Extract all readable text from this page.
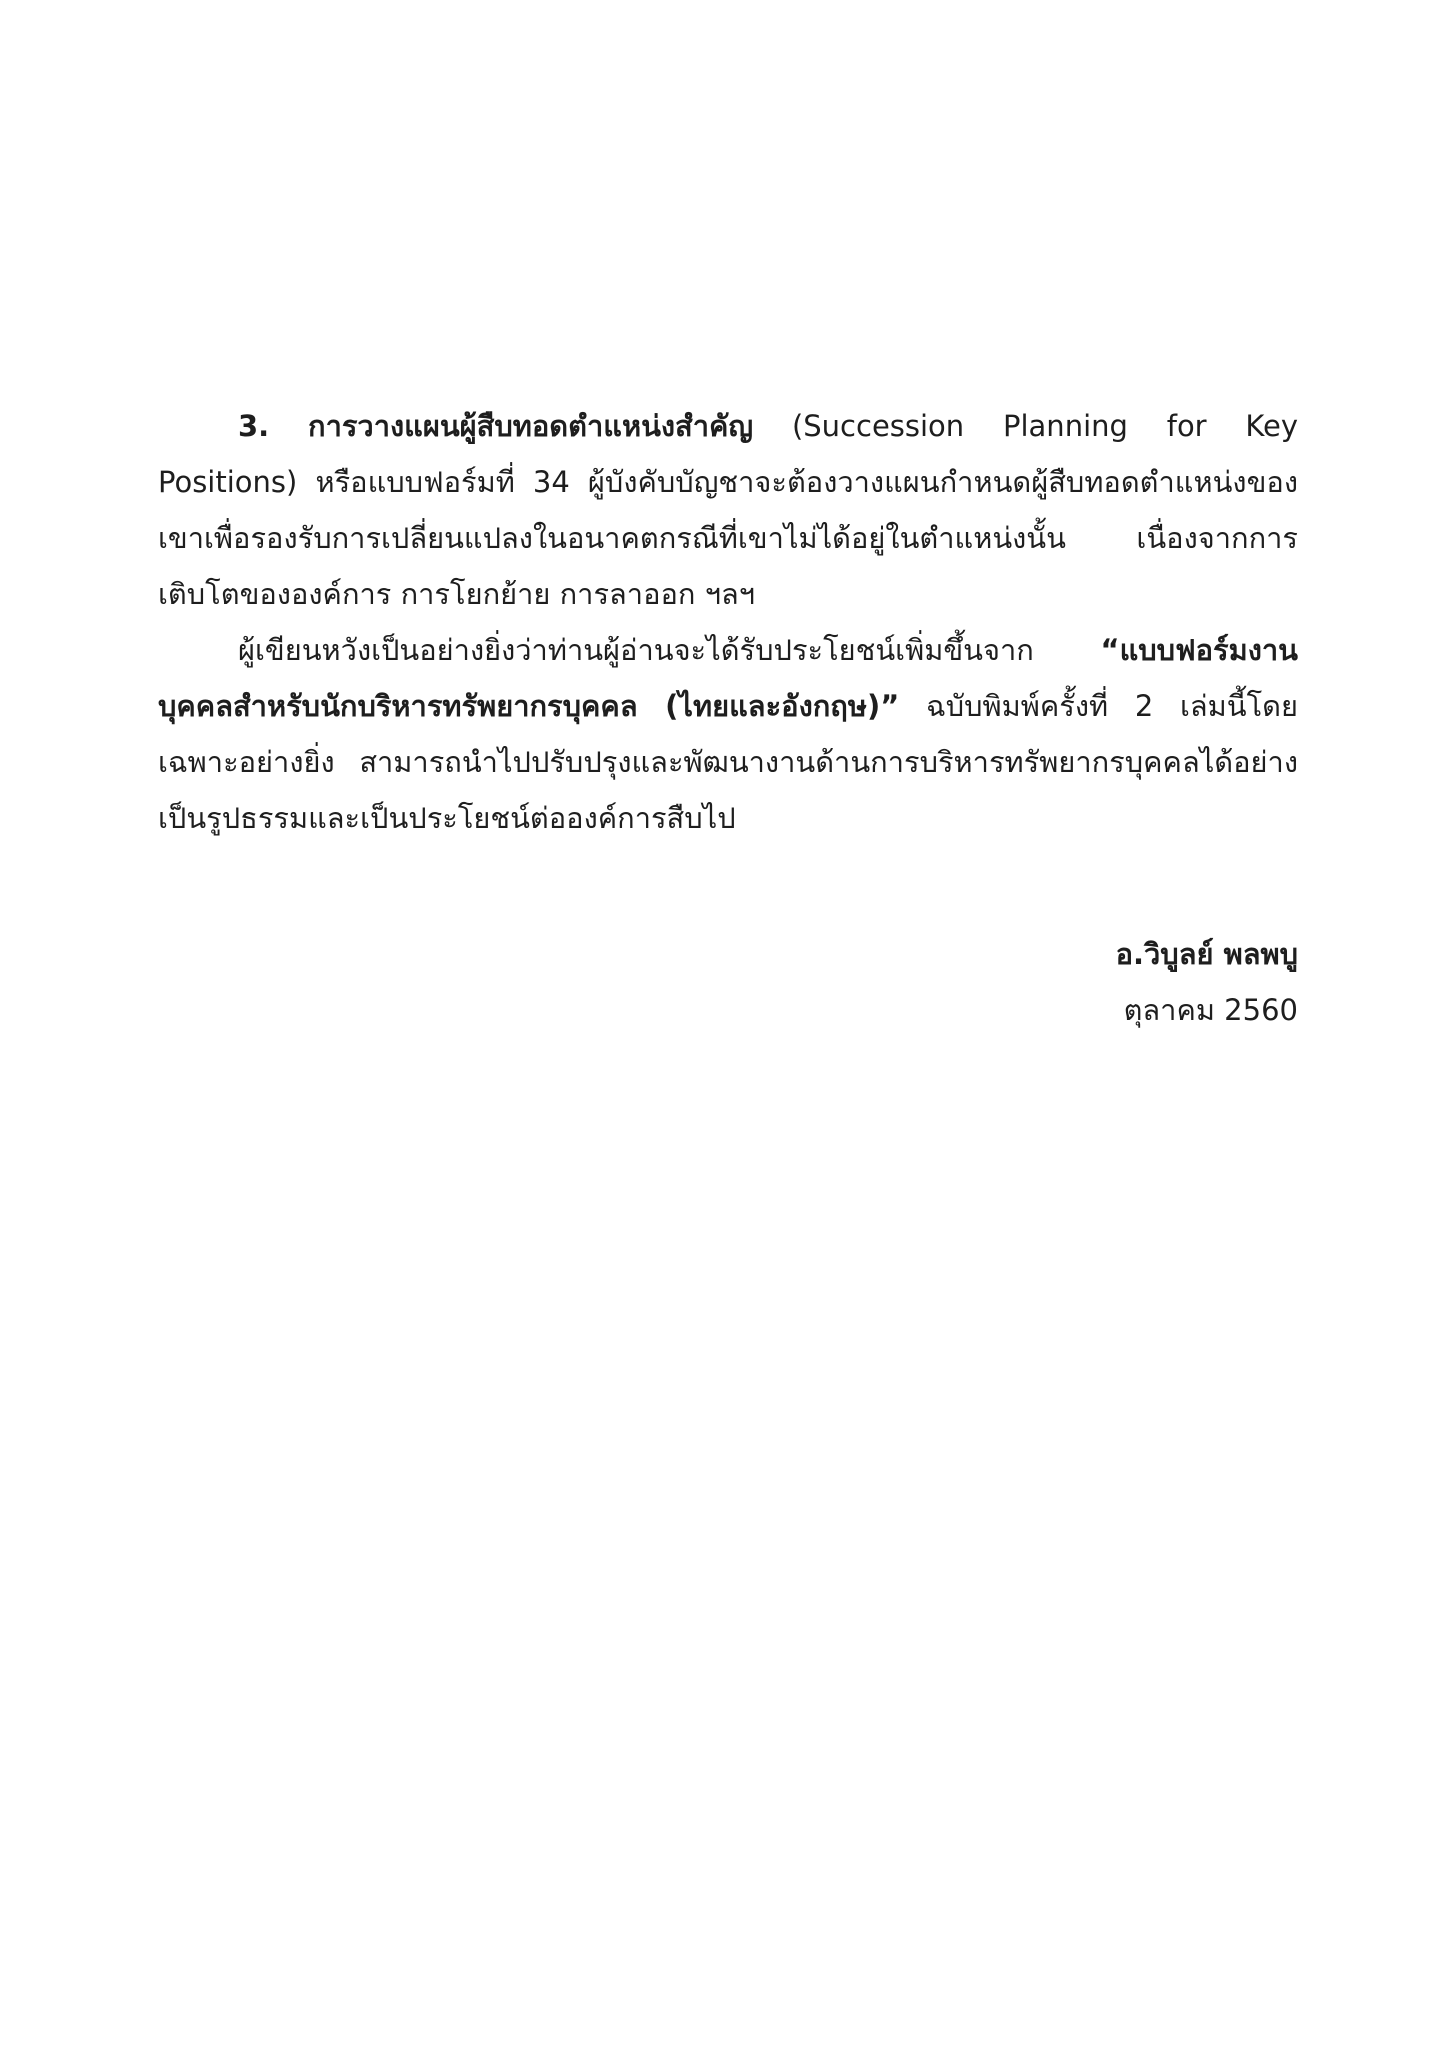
3. การวางแผนผู้สืบทอดตำแหน่งสำคัญ (Succession Planning for Key Positions) หรือแบบฟอร์มที่ 34 ผู้บังคับบัญชาจะต้องวางแผนกำหนดผู้สืบทอดตำแหน่งของเขาเพื่อรองรับการเปลี่ยนแปลงในอนาคตกรณีที่เขาไม่ได้อยู่ในตำแหน่งนั้น เนื่องจากการเติบโตขององค์การ การโยกย้าย การลาออก ฯลฯ

ผู้เขียนหวังเป็นอย่างยิ่งว่าท่านผู้อ่านจะได้รับประโยชน์เพิ่มขึ้นจาก “แบบฟอร์มงานบุคคลสำหรับนักบริหารทรัพยากรบุคคล (ไทยและอังกฤษ)” ฉบับพิมพ์ครั้งที่ 2 เล่มนี้โดยเฉพาะอย่างยิ่ง สามารถนำไปปรับปรุงและพัฒนางานด้านการบริหารทรัพยากรบุคคลได้อย่างเป็นรูปธรรมและเป็นประโยชน์ต่อองค์การสืบไป

อ.วิบูลย์ พลพบู
ตุลาคม 2560
